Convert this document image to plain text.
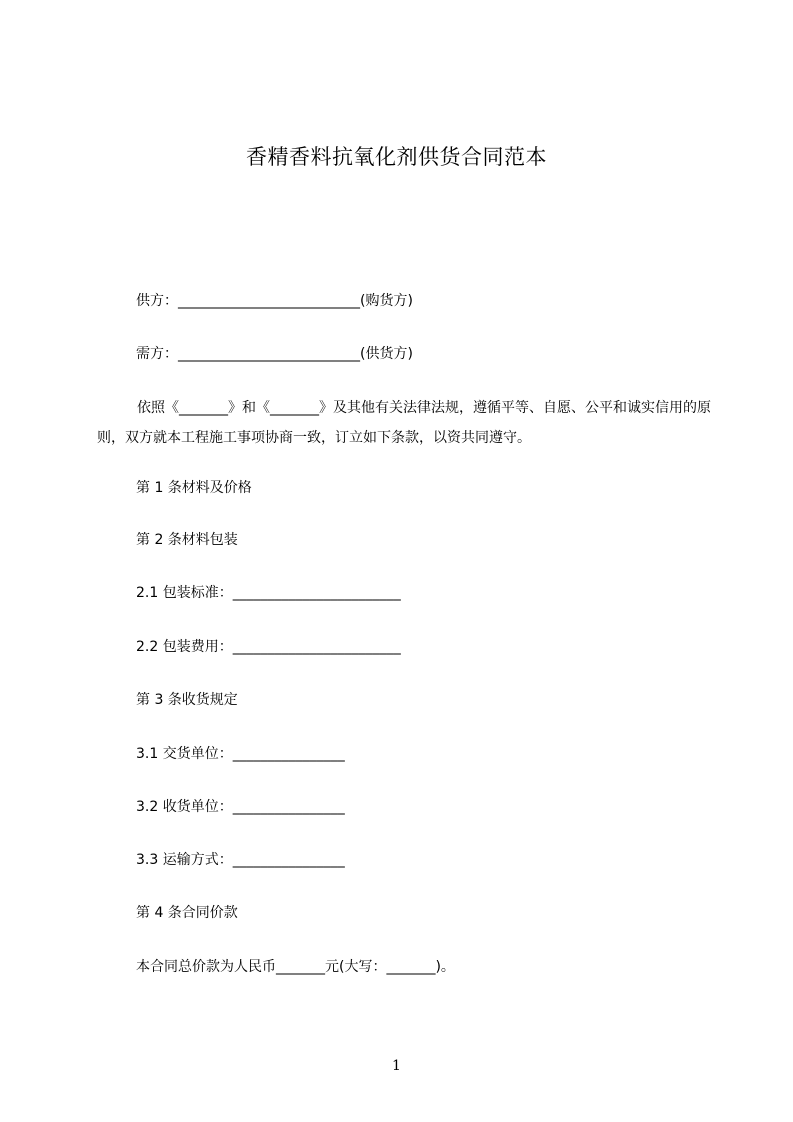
香精香料抗氧化剂供货合同范本
供方：__________________________(购货方)
需方：__________________________(供货方)
依照《_______》和《_______》及其他有关法律法规，遵循平等、自愿、公平和诚实信用的原则，双方就本工程施工事项协商一致，订立如下条款，以资共同遵守。
第 1 条材料及价格
第 2 条材料包装
2.1 包装标准：________________________
2.2 包装费用：________________________
第 3 条收货规定
3.1 交货单位：________________
3.2 收货单位：________________
3.3 运输方式：________________
第 4 条合同价款
本合同总价款为人民币_______元(大写：_______)。
1
